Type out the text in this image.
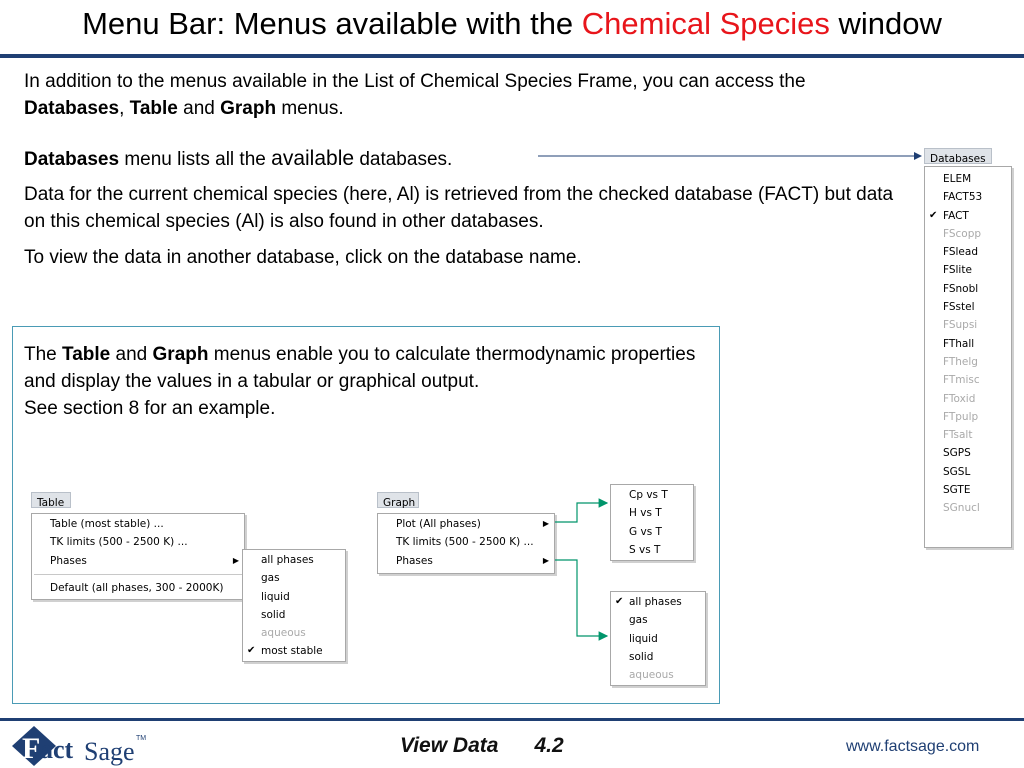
Menu Bar: Menus available with the Chemical Species window
In addition to the menus available in the List of Chemical Species Frame, you can access the
Databases, Table and Graph menus.
Databases menu lists all the available databases.
Data for the current chemical species (here, Al) is retrieved from the checked database (FACT) but data on this chemical species (Al) is also found in other databases.
To view the data in another database, click on the database name.
Databases
ELEM
FACT53
✔ FACT
FScopp
FSlead
FSlite
FSnobl
FSstel
FSupsi
FThall
FThelg
FTmisc
FToxid
FTpulp
FTsalt
SGPS
SGSL
SGTE
SGnucl
The Table and Graph menus enable you to calculate thermodynamic properties and display the values in a tabular or graphical output.
See section 8 for an example.
Table
Table (most stable) ...
TK limits (500 - 2500 K) ...
Phases	▶
Default (all phases, 300 - 2000K)
all phases
gas
liquid
solid
aqueous
✔ most stable
Graph
Plot (All phases)	▶
TK limits (500 - 2500 K) ...
Phases	▶
Cp vs T
H vs T
G vs T
S vs T
✔ all phases
gas
liquid
solid
aqueous
F act Sage TM	View Data 4.2	www.factsage.com
